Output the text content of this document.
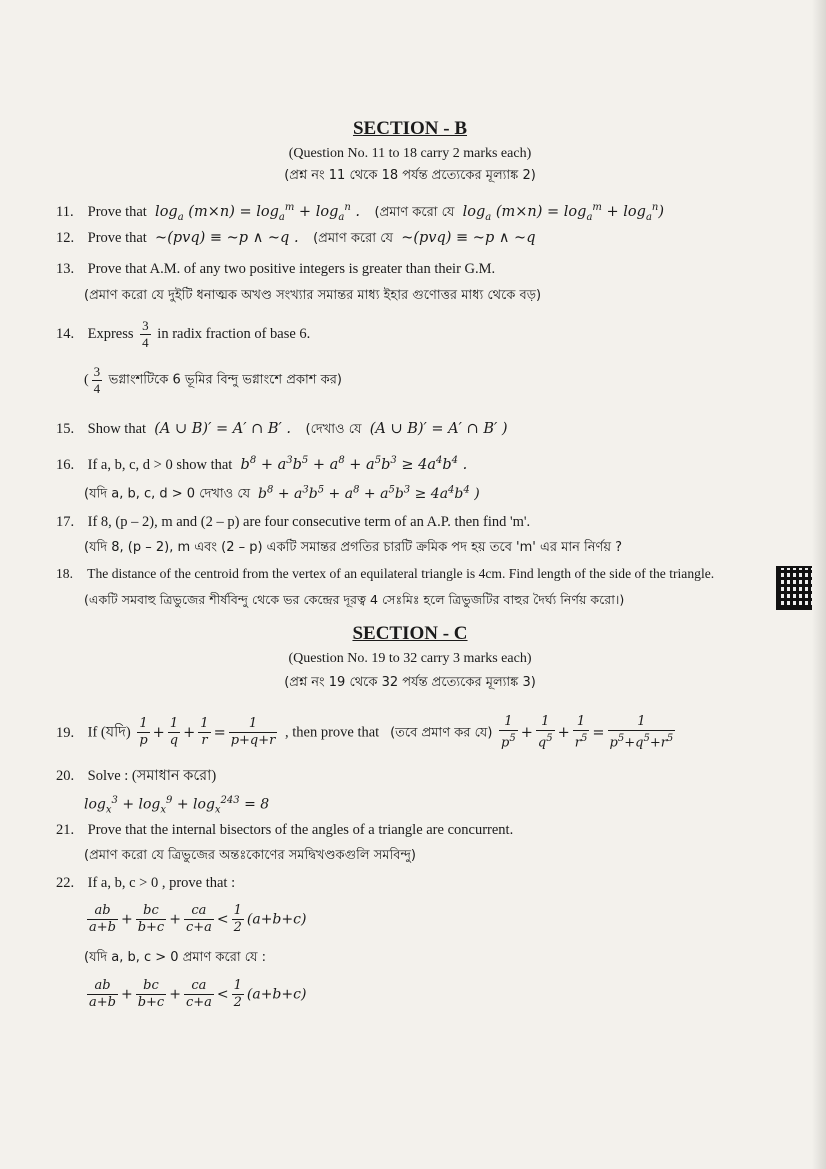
SECTION - B
(Question No. 11 to 18 carry 2 marks each)
(প্রশ্ন নং 11 থেকে 18 পর্যন্ত প্রত্যেকের মূল্যাঙ্ক 2)
11. Prove that  $\log_a (m\times n) = \log_a^m + \log_a^n$ . (প্রমাণ করো যে  $\log_a (m\times n) = \log_a^m + \log_a^n$)
12. Prove that  ~(pvq) ≡ ~p ∧ ~q . (প্রমাণ করো যে  ~(pvq) ≡ ~p ∧ ~q
13. Prove that A.M. of any two positive integers is greater than their G.M.
(প্রমাণ করো যে দুইটি ধনাত্মক অখণ্ড সংখ্যার সমান্তর মাধ্য ইহার গুণোত্তর মাধ্য থেকে বড়)
14. Express $\frac{3}{4}$ in radix fraction of base 6.
( $\frac{3}{4}$ ভগ্নাংশটিকে 6 ভূমির বিন্দু ভগ্নাংশে প্রকাশ কর)
15. Show that  (A ∪ B)′ = A′ ∩ B′ . (দেখাও যে  (A ∪ B)′ = A′ ∩ B′ )
16. If a, b, c, d > 0 show that  $b^8 + a^3b^5 + a^8 + a^5b^3 \ge 4a^4b^4$ .
(যদি a, b, c, d > 0 দেখাও যে  $b^8 + a^3b^5 + a^8 + a^5b^3 \ge 4a^4b^4$ )
17. If 8, (p – 2), m and (2 – p) are four consecutive term of an A.P. then find 'm'.
(যদি 8, (p – 2), m এবং (2 – p) একটি সমান্তর প্রগতির চারটি ক্রমিক পদ হয় তবে 'm' এর মান নির্ণয় ?
18. The distance of the centroid from the vertex of an equilateral triangle is 4cm. Find length of the side of the triangle.
(একটি সমবাহু ত্রিভুজের শীর্ষবিন্দু থেকে ভর কেন্দ্রের দূরত্ব 4 সেঃমিঃ হলে ত্রিভুজটির বাহুর দৈর্ঘ্য নির্ণয় করো।)
SECTION - C
(Question No. 19 to 32 carry 3 marks each)
(প্রশ্ন নং 19 থেকে 32 পর্যন্ত প্রত্যেকের মূল্যাঙ্ক 3)
19. If (যদি) $\frac{1}{p} + \frac{1}{q} + \frac{1}{r} = \frac{1}{p+q+r}$ , then prove that (তবে প্রমাণ কর যে) $\frac{1}{p^5} + \frac{1}{q^5} + \frac{1}{r^5} = \frac{1}{p^5+q^5+r^5}$
20. Solve : (সমাধান করো)
$\log_x^3 + \log_x^9 + \log_x^{243} = 8$
21. Prove that the internal bisectors of the angles of a triangle are concurrent.
(প্রমাণ করো যে ত্রিভুজের অন্তঃকোণের সমদ্বিখণ্ডকগুলি সমবিন্দু)
22. If a, b, c > 0 , prove that :
$\frac{ab}{a+b} + \frac{bc}{b+c} + \frac{ca}{c+a} < \frac{1}{2} (a+b+c)$
(যদি a, b, c > 0 প্রমাণ করো যে :
$\frac{ab}{a+b} + \frac{bc}{b+c} + \frac{ca}{c+a} < \frac{1}{2} (a+b+c)$
